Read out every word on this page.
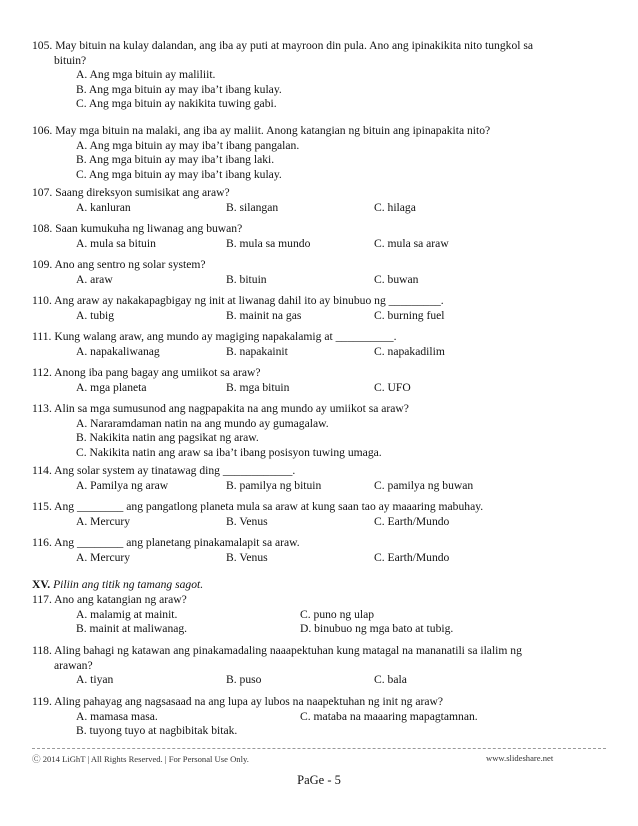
105. May bituin na kulay dalandan, ang iba ay puti at mayroon din pula. Ano ang ipinakikita nito tungkol sa
bituin?
A. Ang mga bituin ay maliliit.
B. Ang mga bituin ay may iba’t ibang kulay.
C. Ang mga bituin ay nakikita tuwing gabi.
106. May mga bituin na malaki, ang iba ay maliit. Anong katangian ng bituin ang ipinapakita nito?
A. Ang mga bituin ay may iba’t ibang pangalan.
B. Ang mga bituin ay may iba’t ibang laki.
C. Ang mga bituin ay may iba’t ibang kulay.
107. Saang direksyon sumisikat ang araw?
A. kanluran	B. silangan	C. hilaga
108. Saan kumukuha ng liwanag ang buwan?
A. mula sa bituin	B. mula sa mundo	C. mula sa araw
109. Ano ang sentro ng solar system?
A. araw	B. bituin	C. buwan
110. Ang araw ay nakakapagbigay ng init at liwanag dahil ito ay binubuo ng _________.
A. tubig	B. mainit na gas	C. burning fuel
111. Kung walang araw, ang mundo ay magiging napakalamig at __________.
A. napakaliwanag	B. napakainit	C. napakadilim
112. Anong iba pang bagay ang umiikot sa araw?
A. mga planeta	B. mga bituin	C. UFO
113. Alin sa mga sumusunod ang nagpapakita na ang mundo ay umiikot sa araw?
A. Nararamdaman natin na ang mundo ay gumagalaw.
B. Nakikita natin ang pagsikat ng araw.
C. Nakikita natin ang araw sa iba’t ibang posisyon tuwing umaga.
114. Ang solar system ay tinatawag ding ____________.
A. Pamilya ng araw	B. pamilya ng bituin	C. pamilya ng buwan
115. Ang ________ ang pangatlong planeta mula sa araw at kung saan tao ay maaaring mabuhay.
A. Mercury	B. Venus	C. Earth/Mundo
116. Ang ________ ang planetang pinakamalapit sa araw.
A. Mercury	B. Venus	C. Earth/Mundo
XV. Piliin ang titik ng tamang sagot.
117. Ano ang katangian ng araw?
A. malamig at mainit.	C. puno ng ulap
B. mainit at maliwanag.	D. binubuo ng mga bato at tubig.
118. Aling bahagi ng katawan ang pinakamadaling naaapektuhan kung matagal na mananatili sa ilalim ng
arawan?
A. tiyan	B. puso	C. bala
119. Aling pahayag ang nagsasaad na ang lupa ay lubos na naapektuhan ng init ng araw?
A. mamasa masa.	C. mataba na maaaring mapagtamnan.
B. tuyong tuyo at nagbibitak bitak.
Ⓒ 2014 LiGhT | All Rights Reserved. | For Personal Use Only.	www.slideshare.net
PaGe - 5
